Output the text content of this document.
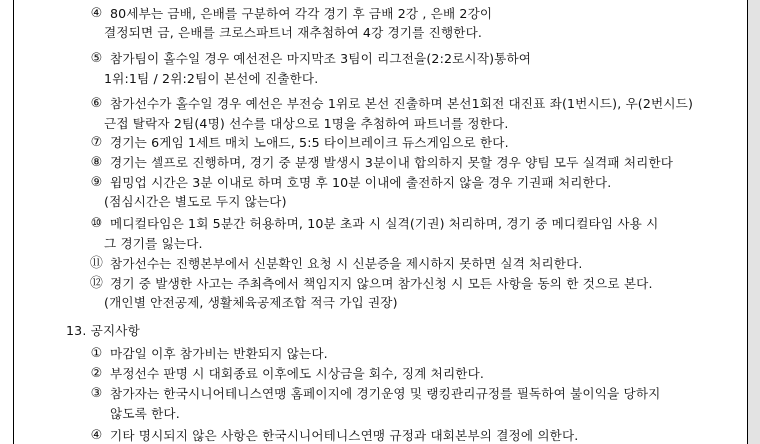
④ 80세부는 금배, 은배를 구분하여 각각 경기 후 금배 2강 , 은배 2강이
결정되면 금, 은배를 크로스파트너 재추첨하여 4강 경기를 진행한다.
⑤ 참가팀이 홀수일 경우 예선전은 마지막조 3팀이 리그전을(2:2로시작)통하여
1위:1팀 / 2위:2팀이 본선에 진출한다.
⑥ 참가선수가 홀수일 경우 예선은 부전승 1위로 본선 진출하며 본선1회전 대진표 좌(1번시드), 우(2번시드)
근접 탈락자 2팀(4명) 선수를 대상으로 1명을 추첨하여 파트너를 정한다.
⑦ 경기는 6게임 1세트 매치 노애드, 5:5 타이브레이크 듀스게임으로 한다.
⑧ 경기는 셀프로 진행하며, 경기 중 분쟁 발생시 3분이내 합의하지 못할 경우 양팀 모두 실격패 처리한다
⑨ 윔밍업 시간은 3분 이내로 하며 호명 후 10분 이내에 출전하지 않을 경우 기권패 처리한다.
(점심시간은 별도로 두지 않는다)
⑩ 메디컬타임은 1회 5분간 허용하며, 10분 초과 시 실격(기권) 처리하며, 경기 중 메디컬타임 사용 시
그 경기를 잃는다.
⑪ 참가선수는 진행본부에서 신분확인 요청 시 신분증을 제시하지 못하면 실격 처리한다.
⑫ 경기 중 발생한 사고는 주최측에서 책임지지 않으며 참가신청 시 모든 사항을 동의 한 것으로 본다.
(개인별 안전공제, 생활체육공제조합 적극 가입 권장)
13. 공지사항
① 마감일 이후 참가비는 반환되지 않는다.
② 부정선수 판명 시 대회종료 이후에도 시상금을 회수, 징계 처리한다.
③ 참가자는 한국시니어테니스연맹 홈페이지에 경기운영 및 랭킹관리규정를 필독하여 불이익을 당하지
않도록 한다.
④ 기타 명시되지 않은 사항은 한국시니어테니스연맹 규정과 대회본부의 결정에 의한다.
